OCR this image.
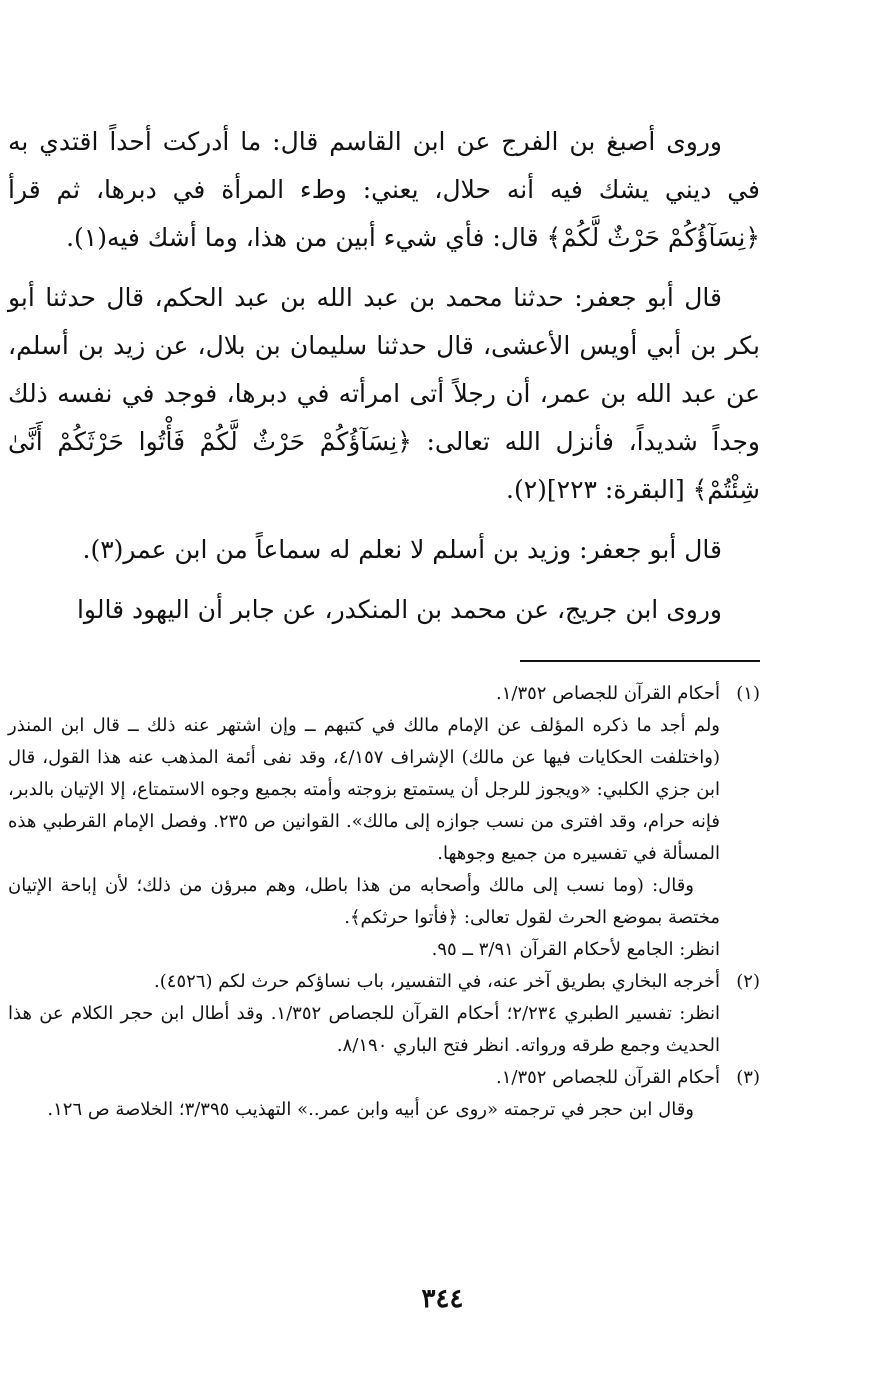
وروى أصبغ بن الفرج عن ابن القاسم قال: ما أدركت أحداً اقتدي به في ديني يشك فيه أنه حلال، يعني: وطء المرأة في دبرها، ثم قرأ ﴿نِسَآؤُكُمْ حَرْثٌ لَّكُمْ﴾ قال: فأي شيء أبين من هذا، وما أشك فيه(١).

قال أبو جعفر: حدثنا محمد بن عبد الله بن عبد الحكم، قال حدثنا أبو بكر بن أبي أويس الأعشى، قال حدثنا سليمان بن بلال، عن زيد بن أسلم، عن عبد الله بن عمر، أن رجلاً أتى امرأته في دبرها، فوجد في نفسه ذلك وجداً شديداً، فأنزل الله تعالى: ﴿نِسَآؤُكُمْ حَرْثٌ لَّكُمْ فَأْتُوا حَرْثَكُمْ أَنَّىٰ شِئْتُمْ﴾ [البقرة: ٢٢٣](٢).

قال أبو جعفر: وزيد بن أسلم لا نعلم له سماعاً من ابن عمر(٣).

وروى ابن جريج، عن محمد بن المنكدر، عن جابر أن اليهود قالوا

(١)
أحكام القرآن للجصاص ١/٣٥٢.
ولم أجد ما ذكره المؤلف عن الإمام مالك في كتبهم ــ وإن اشتهر عنه ذلك ــ قال ابن المنذر (واختلفت الحكايات فيها عن مالك) الإشراف ٤/١٥٧، وقد نفى أئمة المذهب عنه هذا القول، قال ابن جزي الكلبي: «ويجوز للرجل أن يستمتع بزوجته وأمته بجميع وجوه الاستمتاع، إلا الإتيان بالدبر، فإنه حرام، وقد افترى من نسب جوازه إلى مالك». القوانين ص ٢٣٥. وفصل الإمام القرطبي هذه المسألة في تفسيره من جميع وجوهها.
وقال: (وما نسب إلى مالك وأصحابه من هذا باطل، وهم مبرؤن من ذلك؛ لأن إباحة الإتيان مختصة بموضع الحرث لقول تعالى: ﴿فأتوا حرثكم﴾.
انظر: الجامع لأحكام القرآن ٣/٩١ ــ ٩٥.
(٢)
أخرجه البخاري بطريق آخر عنه، في التفسير، باب نساؤكم حرث لكم (٤٥٢٦).
انظر: تفسير الطبري ٢/٢٣٤؛ أحكام القرآن للجصاص ١/٣٥٢. وقد أطال ابن حجر الكلام عن هذا الحديث وجمع طرقه ورواته. انظر فتح الباري ٨/١٩٠.
(٣)
أحكام القرآن للجصاص ١/٣٥٢.
وقال ابن حجر في ترجمته «روى عن أبيه وابن عمر..» التهذيب ٣/٣٩٥؛ الخلاصة ص ١٢٦.
٣٤٤
